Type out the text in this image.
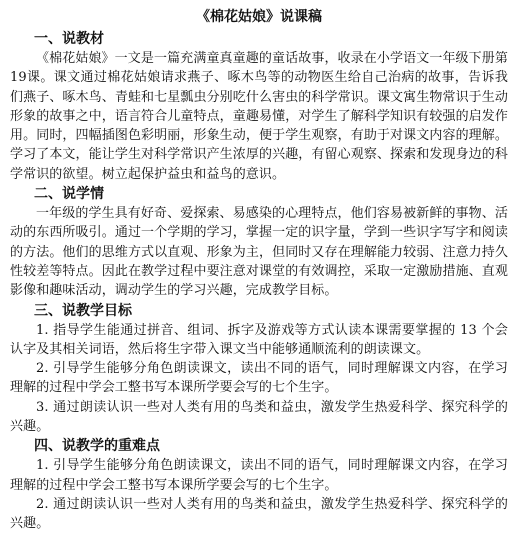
《棉花姑娘》说课稿
一、说教材

《棉花姑娘》一文是一篇充满童真童趣的童话故事，收录在小学语文一年级下册第19课。课文通过棉花姑娘请求燕子、啄木鸟等的动物医生给自己治病的故事，告诉我们燕子、啄木鸟、青蛙和七星瓢虫分别吃什么害虫的科学常识。课文寓生物常识于生动形象的故事之中，语言符合儿童特点，童趣易懂，对学生了解科学知识有较强的启发作用。同时，四幅插图色彩明丽，形象生动，便于学生观察，有助于对课文内容的理解。学习了本文，能让学生对科学常识产生浓厚的兴趣，有留心观察、探索和发现身边的科学常识的欲望。树立起保护益虫和益鸟的意识。

二、说学情

一年级的学生具有好奇、爱探索、易感染的心理特点，他们容易被新鲜的事物、活动的东西所吸引。通过一个学期的学习，掌握一定的识字量，学到一些识字写字和阅读的方法。他们的思维方式以直观、形象为主，但同时又存在理解能力较弱、注意力持久性较差等特点。因此在教学过程中要注意对课堂的有效调控，采取一定激励措施、直观影像和趣味活动，调动学生的学习兴趣，完成教学目标。

三、说教学目标

1. 指导学生能通过拼音、组词、拆字及游戏等方式认读本课需要掌握的 13 个会认字及其相关词语，然后将生字带入课文当中能够通顺流利的朗读课文。

2. 引导学生能够分角色朗读课文，读出不同的语气，同时理解课文内容，在学习理解的过程中学会工整书写本课所学要会写的七个生字。

3. 通过朗读认识一些对人类有用的鸟类和益虫，激发学生热爱科学、探究科学的兴趣。

四、说教学的重难点

1. 引导学生能够分角色朗读课文，读出不同的语气，同时理解课文内容，在学习理解的过程中学会工整书写本课所学要会写的七个生字。

2. 通过朗读认识一些对人类有用的鸟类和益虫，激发学生热爱科学、探究科学的兴趣。
